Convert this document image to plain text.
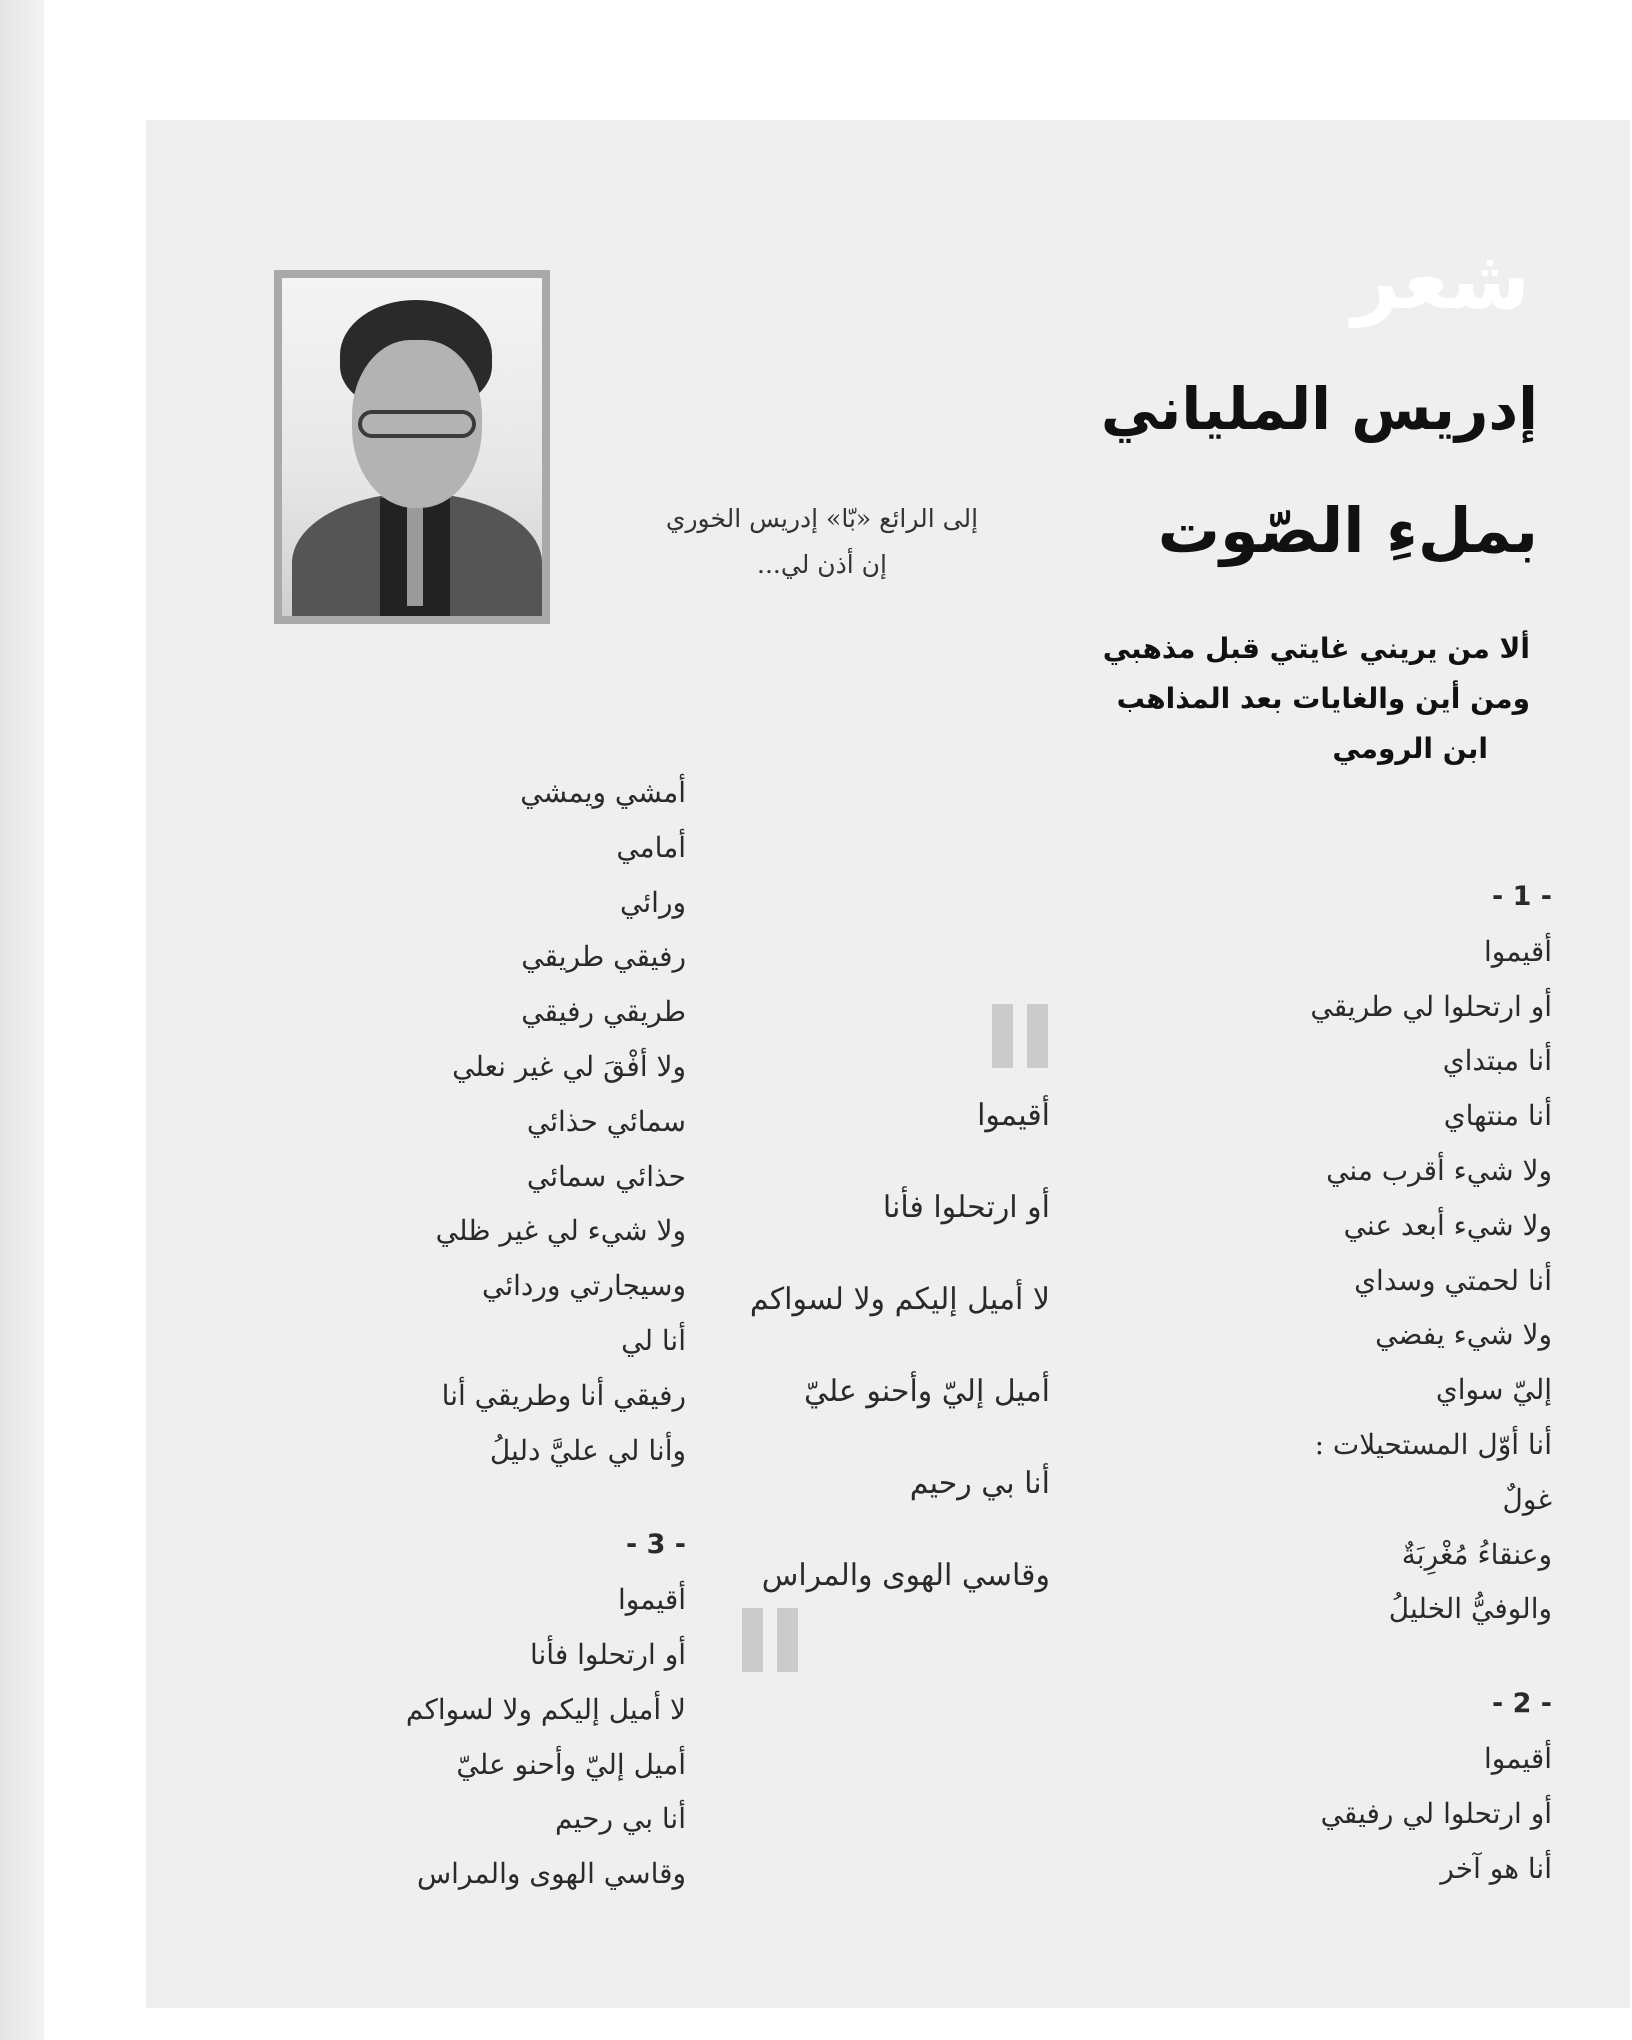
شعر
إدريس الملياني
بملءِ الصّوت
إلى الرائع «بّا» إدريس الخوري
إن أذن لي...
ألا من يريني غايتي قبل مذهبي
ومن أين والغايات بعد المذاهب
ابن الرومي
- 1 -
أقيموا
أو ارتحلوا لي طريقي
أنا مبتداي
أنا منتهاي
ولا شيء أقرب مني
ولا شيء أبعد عني
أنا لحمتي وسداي
ولا شيء يفضي
إليّ سواي
أنا أوّل المستحيلات :
غولٌ
وعنقاءُ مُغْرِبَةٌ
والوفيُّ الخليلُ
- 2 -
أقيموا
أو ارتحلوا لي رفيقي
أنا هو آخر
أمشي ويمشي
أمامي
ورائي
رفيقي طريقي
طريقي رفيقي
ولا أفْقَ لي غير نعلي
سمائي حذائي
حذائي سمائي
ولا شيء لي غير ظلي
وسيجارتي وردائي
أنا لي
رفيقي أنا وطريقي أنا
وأنا لي عليَّ دليلُ
- 3 -
أقيموا
أو ارتحلوا فأنا
لا أميل إليكم ولا لسواكم
أميل إليّ وأحنو عليّ
أنا بي رحيم
وقاسي الهوى والمراس
أقيموا
أو ارتحلوا فأنا
لا أميل إليكم ولا لسواكم
أميل إليّ وأحنو عليّ
أنا بي رحيم
وقاسي الهوى والمراس
